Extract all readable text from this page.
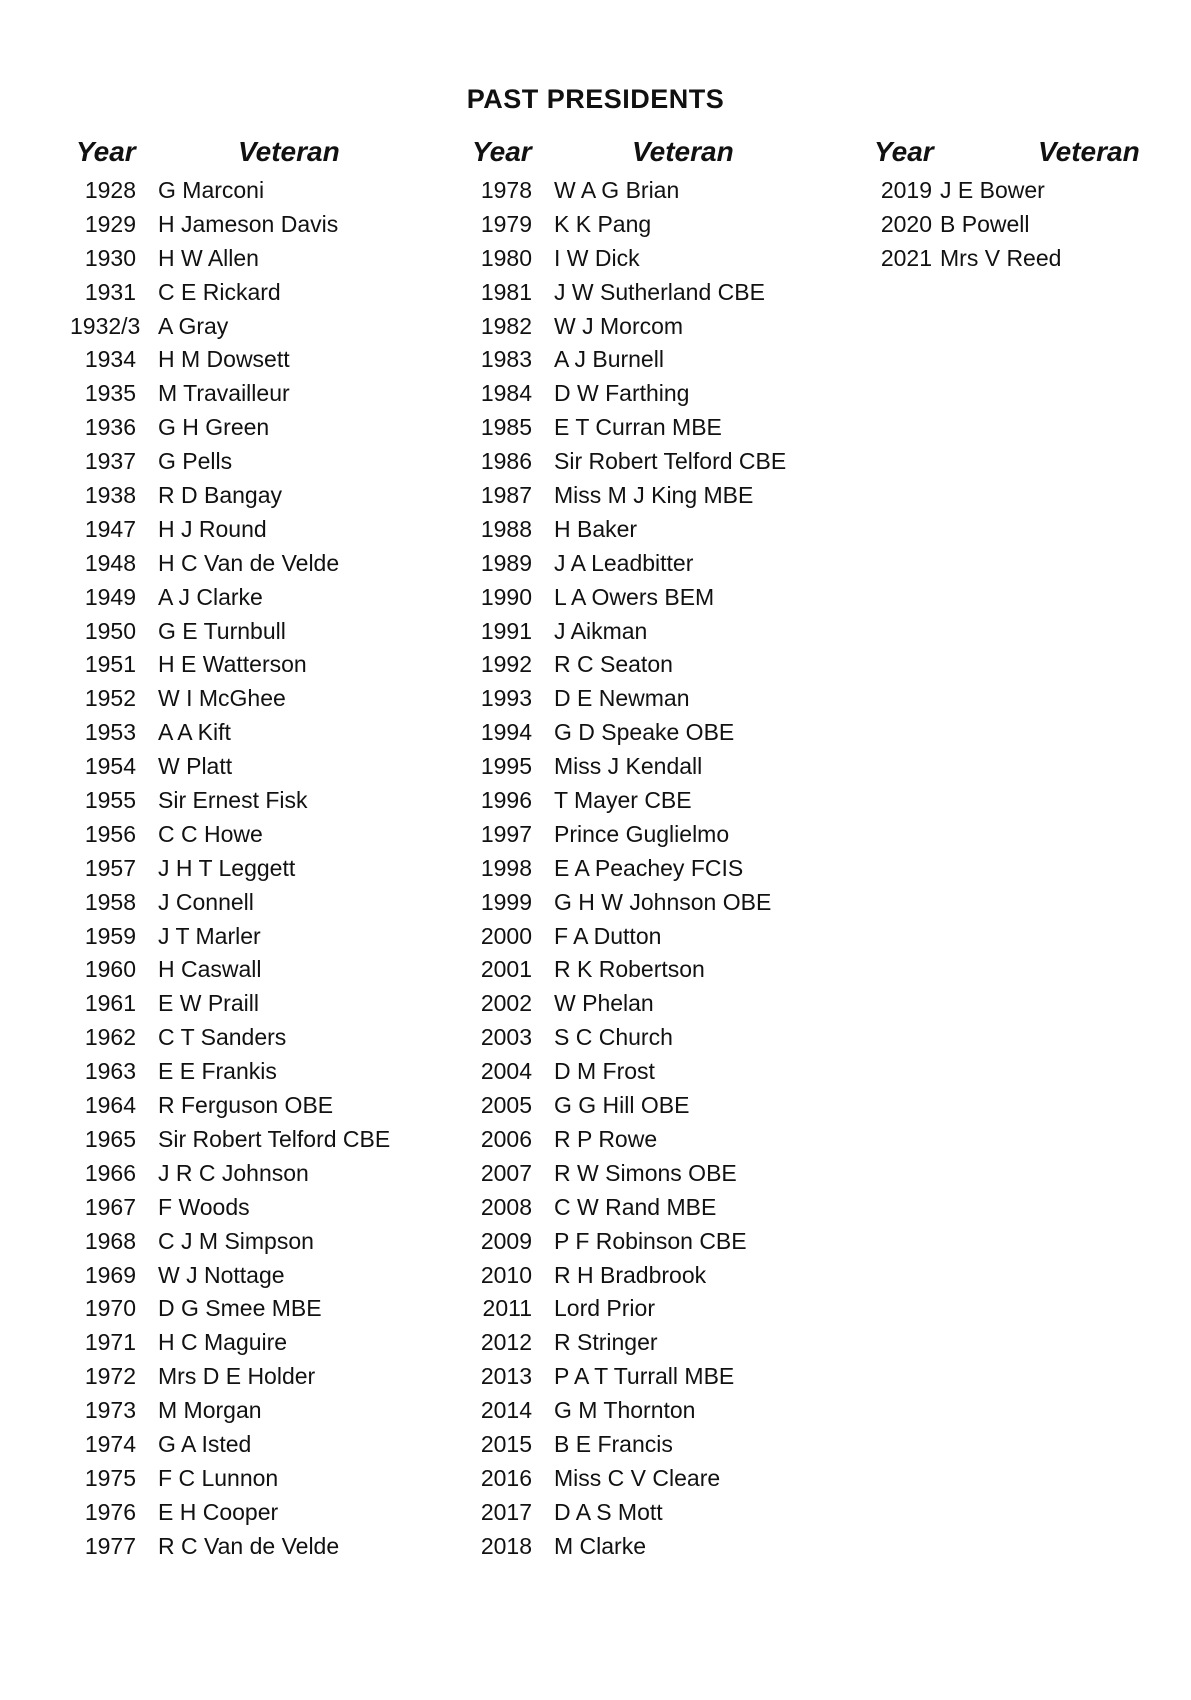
PAST PRESIDENTS
Year	Veteran
1928 G Marconi
1929 H Jameson Davis
1930 H W Allen
1931 C E Rickard
1932/3 A Gray
1934 H M Dowsett
1935 M Travailleur
1936 G H Green
1937 G Pells
1938 R D Bangay
1947 H J Round
1948 H C Van de Velde
1949 A J Clarke
1950 G E Turnbull
1951 H E Watterson
1952 W I McGhee
1953 A A Kift
1954 W Platt
1955 Sir Ernest Fisk
1956 C C Howe
1957 J H T Leggett
1958 J Connell
1959 J T Marler
1960 H Caswall
1961 E W Praill
1962 C T Sanders
1963 E E Frankis
1964 R Ferguson OBE
1965 Sir Robert Telford CBE
1966 J R C Johnson
1967 F Woods
1968 C J M Simpson
1969 W J Nottage
1970 D G Smee MBE
1971 H C Maguire
1972 Mrs D E Holder
1973 M Morgan
1974 G A Isted
1975 F C Lunnon
1976 E H Cooper
1977 R C Van de Velde
Year	Veteran
1978 W A G Brian
1979 K K Pang
1980 I W Dick
1981 J W Sutherland CBE
1982 W J Morcom
1983 A J Burnell
1984 D W Farthing
1985 E T Curran MBE
1986 Sir Robert Telford CBE
1987 Miss M J King MBE
1988 H Baker
1989 J A Leadbitter
1990 L A Owers BEM
1991 J Aikman
1992 R C Seaton
1993 D E Newman
1994 G D Speake OBE
1995 Miss J Kendall
1996 T Mayer CBE
1997 Prince Guglielmo
1998 E A Peachey FCIS
1999 G H W Johnson OBE
2000 F A Dutton
2001 R K Robertson
2002 W Phelan
2003 S C Church
2004 D M Frost
2005 G G Hill OBE
2006 R P Rowe
2007 R W Simons OBE
2008 C W Rand MBE
2009 P F Robinson CBE
2010 R H Bradbrook
2011 Lord Prior
2012 R Stringer
2013 P A T Turrall MBE
2014 G M Thornton
2015 B E Francis
2016 Miss C V Cleare
2017 D A S Mott
2018 M Clarke
Year	Veteran
2019 J E Bower
2020 B Powell
2021 Mrs V Reed
